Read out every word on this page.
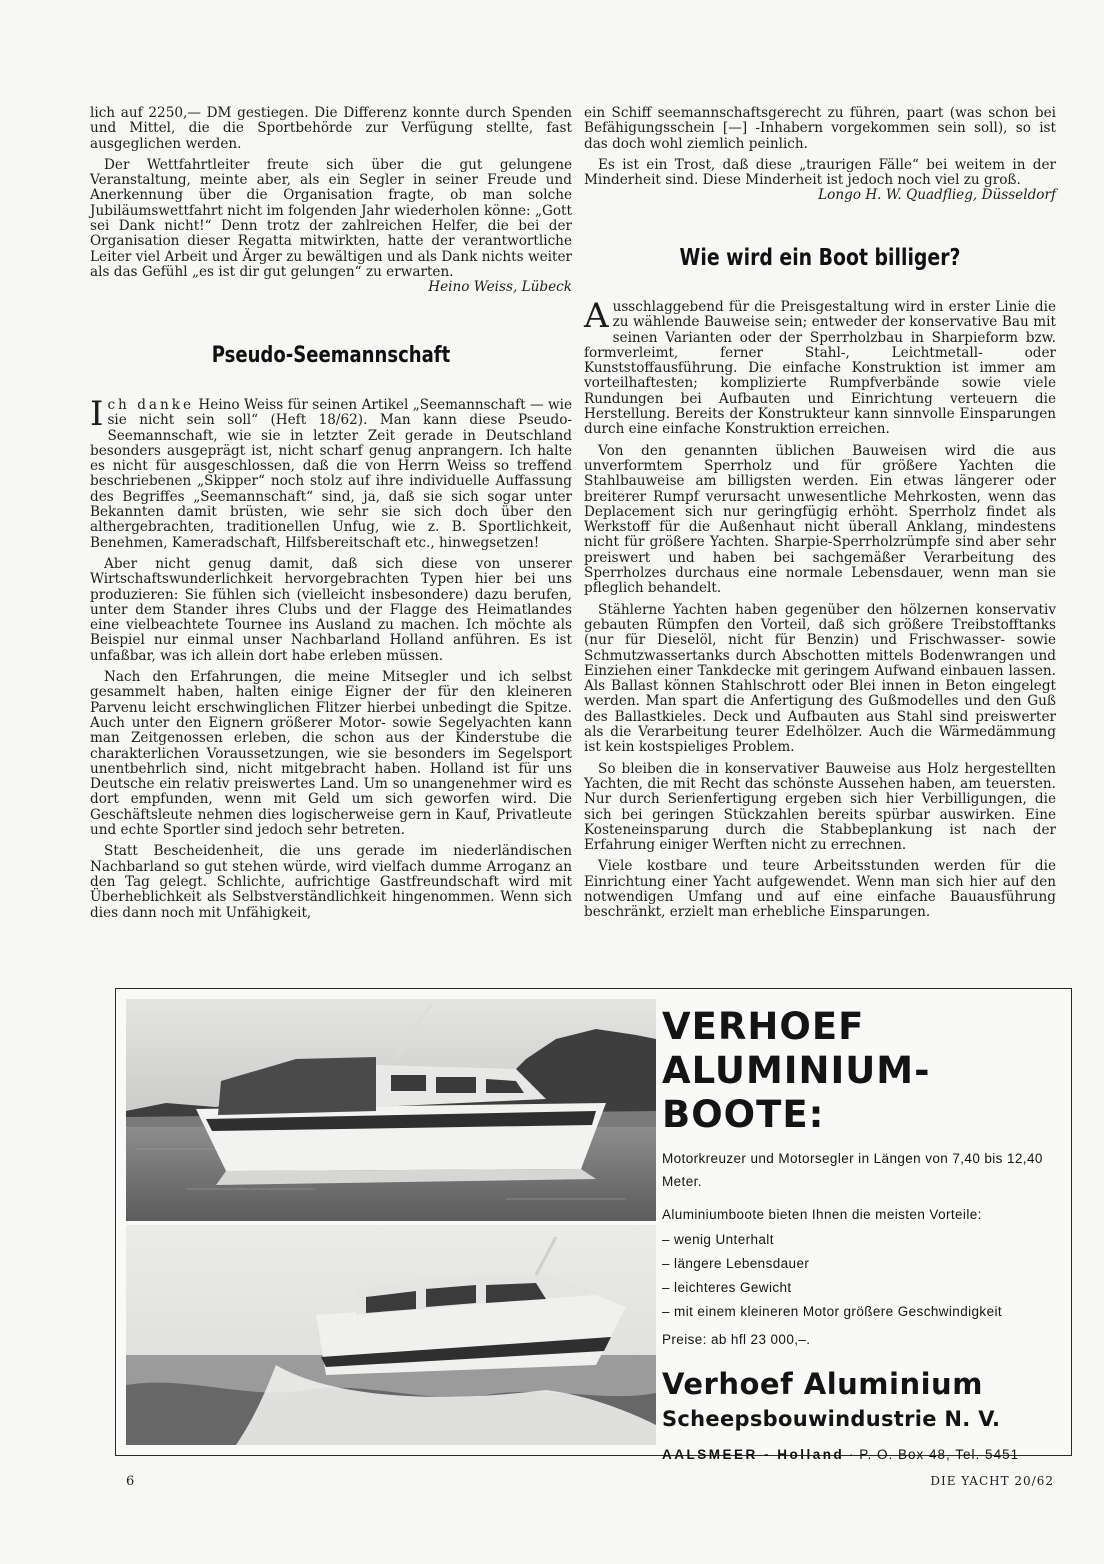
lich auf 2250,— DM gestiegen. Die Differenz konnte durch Spenden und Mittel, die die Sportbehörde zur Verfügung stellte, fast ausgeglichen werden.

Der Wettfahrtleiter freute sich über die gut gelungene Veranstaltung, meinte aber, als ein Segler in seiner Freude und Anerkennung über die Organisation fragte, ob man solche Jubiläumswettfahrt nicht im folgenden Jahr wiederholen könne: „Gott sei Dank nicht!“ Denn trotz der zahlreichen Helfer, die bei der Organisation dieser Regatta mitwirkten, hatte der verantwortliche Leiter viel Arbeit und Ärger zu bewältigen und als Dank nichts weiter als das Gefühl „es ist dir gut gelungen“ zu erwarten.
Heino Weiss, Lübeck

Pseudo-Seemannschaft

Ich danke Heino Weiss für seinen Artikel „Seemannschaft — wie sie nicht sein soll“ (Heft 18/62). Man kann diese Pseudo-Seemannschaft, wie sie in letzter Zeit gerade in Deutschland besonders ausgeprägt ist, nicht scharf genug anprangern. Ich halte es nicht für ausgeschlossen, daß die von Herrn Weiss so treffend beschriebenen „Skipper“ noch stolz auf ihre individuelle Auffassung des Begriffes „Seemannschaft“ sind, ja, daß sie sich sogar unter Bekannten damit brüsten, wie sehr sie sich doch über den althergebrachten, traditionellen Unfug, wie z. B. Sportlichkeit, Benehmen, Kameradschaft, Hilfsbereitschaft etc., hinwegsetzen!

Aber nicht genug damit, daß sich diese von unserer Wirtschaftswunderlichkeit hervorgebrachten Typen hier bei uns produzieren: Sie fühlen sich (vielleicht insbesondere) dazu berufen, unter dem Stander ihres Clubs und der Flagge des Heimatlandes eine vielbeachtete Tournee ins Ausland zu machen. Ich möchte als Beispiel nur einmal unser Nachbarland Holland anführen. Es ist unfaßbar, was ich allein dort habe erleben müssen.

Nach den Erfahrungen, die meine Mitsegler und ich selbst gesammelt haben, halten einige Eigner der für den kleineren Parvenu leicht erschwinglichen Flitzer hierbei unbedingt die Spitze. Auch unter den Eignern größerer Motor- sowie Segelyachten kann man Zeitgenossen erleben, die schon aus der Kinderstube die charakterlichen Voraussetzungen, wie sie besonders im Segelsport unentbehrlich sind, nicht mitgebracht haben. Holland ist für uns Deutsche ein relativ preiswertes Land. Um so unangenehmer wird es dort empfunden, wenn mit Geld um sich geworfen wird. Die Geschäftsleute nehmen dies logischerweise gern in Kauf, Privatleute und echte Sportler sind jedoch sehr betreten.

Statt Bescheidenheit, die uns gerade im niederländischen Nachbarland so gut stehen würde, wird vielfach dumme Arroganz an den Tag gelegt. Schlichte, aufrichtige Gastfreundschaft wird mit Überheblichkeit als Selbstverständlichkeit hingenommen. Wenn sich dies dann noch mit Unfähigkeit,

ein Schiff seemannschaftsgerecht zu führen, paart (was schon bei Befähigungsschein [—] -Inhabern vorgekommen sein soll), so ist das doch wohl ziemlich peinlich.

Es ist ein Trost, daß diese „traurigen Fälle“ bei weitem in der Minderheit sind. Diese Minderheit ist jedoch noch viel zu groß.
Longo H. W. Quadflieg, Düsseldorf

Wie wird ein Boot billiger?

Ausschlaggebend für die Preisgestaltung wird in erster Linie die zu wählende Bauweise sein; entweder der konservative Bau mit seinen Varianten oder der Sperrholzbau in Sharpieform bzw. formverleimt, ferner Stahl-, Leichtmetall- oder Kunststoffausführung. Die einfache Konstruktion ist immer am vorteilhaftesten; komplizierte Rumpfverbände sowie viele Rundungen bei Aufbauten und Einrichtung verteuern die Herstellung. Bereits der Konstrukteur kann sinnvolle Einsparungen durch eine einfache Konstruktion erreichen.

Von den genannten üblichen Bauweisen wird die aus unverformtem Sperrholz und für größere Yachten die Stahlbauweise am billigsten werden. Ein etwas längerer oder breiterer Rumpf verursacht unwesentliche Mehrkosten, wenn das Deplacement sich nur geringfügig erhöht. Sperrholz findet als Werkstoff für die Außenhaut nicht überall Anklang, mindestens nicht für größere Yachten. Sharpie-Sperrholzrümpfe sind aber sehr preiswert und haben bei sachgemäßer Verarbeitung des Sperrholzes durchaus eine normale Lebensdauer, wenn man sie pfleglich behandelt.

Stählerne Yachten haben gegenüber den hölzernen konservativ gebauten Rümpfen den Vorteil, daß sich größere Treibstofftanks (nur für Dieselöl, nicht für Benzin) und Frischwasser- sowie Schmutzwassertanks durch Abschotten mittels Bodenwrangen und Einziehen einer Tankdecke mit geringem Aufwand einbauen lassen. Als Ballast können Stahlschrott oder Blei innen in Beton eingelegt werden. Man spart die Anfertigung des Gußmodelles und den Guß des Ballastkieles. Deck und Aufbauten aus Stahl sind preiswerter als die Verarbeitung teurer Edelhölzer. Auch die Wärmedämmung ist kein kostspieliges Problem.

So bleiben die in konservativer Bauweise aus Holz hergestellten Yachten, die mit Recht das schönste Aussehen haben, am teuersten. Nur durch Serienfertigung ergeben sich hier Verbilligungen, die sich bei geringen Stückzahlen bereits spürbar auswirken. Eine Kosteneinsparung durch die Stabbeplankung ist nach der Erfahrung einiger Werften nicht zu errechnen.

Viele kostbare und teure Arbeitsstunden werden für die Einrichtung einer Yacht aufgewendet. Wenn man sich hier auf den notwendigen Umfang und auf eine einfache Bauausführung beschränkt, erzielt man erhebliche Einsparungen.

VERHOEF

ALUMINIUM-BOOTE:

Motorkreuzer und Motorsegler in Längen von 7,40 bis 12,40 Meter.

Aluminiumboote bieten Ihnen die meisten Vorteile:

– wenig Unterhalt
– längere Lebensdauer
– leichteres Gewicht
– mit einem kleineren Motor größere Geschwindigkeit

Preise: ab hfl 23 000,–.

Verhoef Aluminium

Scheepsbouwindustrie N. V.

AALSMEER - Holland · P. O. Box 48, Tel. 5451

6	DIE YACHT 20/62
